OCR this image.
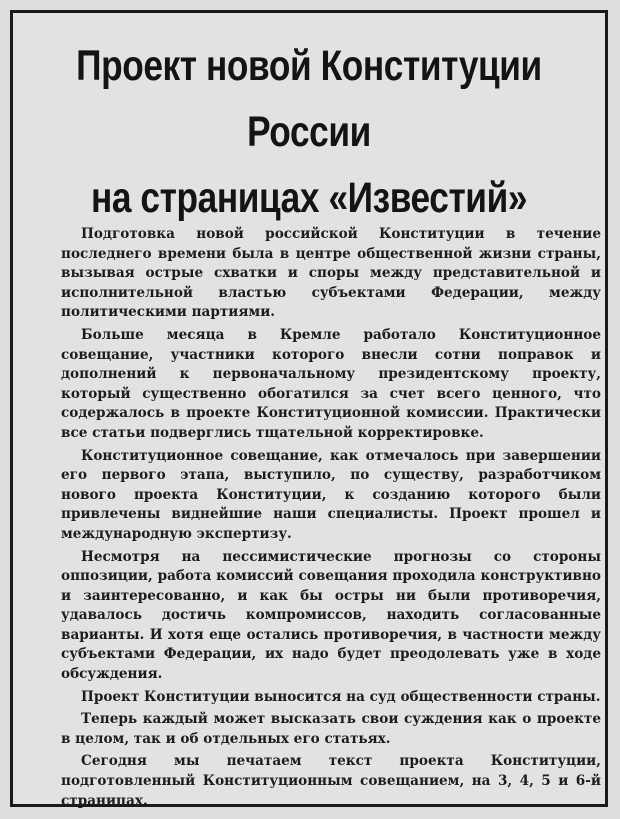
Проект новой Конституции
России
на страницах «Известий»

Подготовка новой российской Конституции в течение последнего времени была в центре общественной жизни страны, вызывая острые схватки и споры между представительной и исполнительной властью субъектами Федерации, между политическими партиями.

Больше месяца в Кремле работало Конституционное совещание, участники которого внесли сотни поправок и дополнений к первоначальному президентскому проекту, который существенно обогатился за счет всего ценного, что содержалось в проекте Конституционной комиссии. Практически все статьи подверглись тщательной корректировке.

Конституционное совещание, как отмечалось при завершении его первого этапа, выступило, по существу, разработчиком нового проекта Конституции, к созданию которого были привлечены виднейшие наши специалисты. Проект прошел и международную экспертизу.

Несмотря на пессимистические прогнозы со стороны оппозиции, работа комиссий совещания проходила конструктивно и заинтересованно, и как бы остры ни были противоречия, удавалось достичь компромиссов, находить согласованные варианты. И хотя еще остались противоречия, в частности между субъектами Федерации, их надо будет преодолевать уже в ходе обсуждения.

Проект Конституции выносится на суд общественности страны.

Теперь каждый может высказать свои суждения как о проекте в целом, так и об отдельных его статьях.

Сегодня мы печатаем текст проекта Конституции, подготовленный Конституционным совещанием, на 3, 4, 5 и 6-й страницах.
